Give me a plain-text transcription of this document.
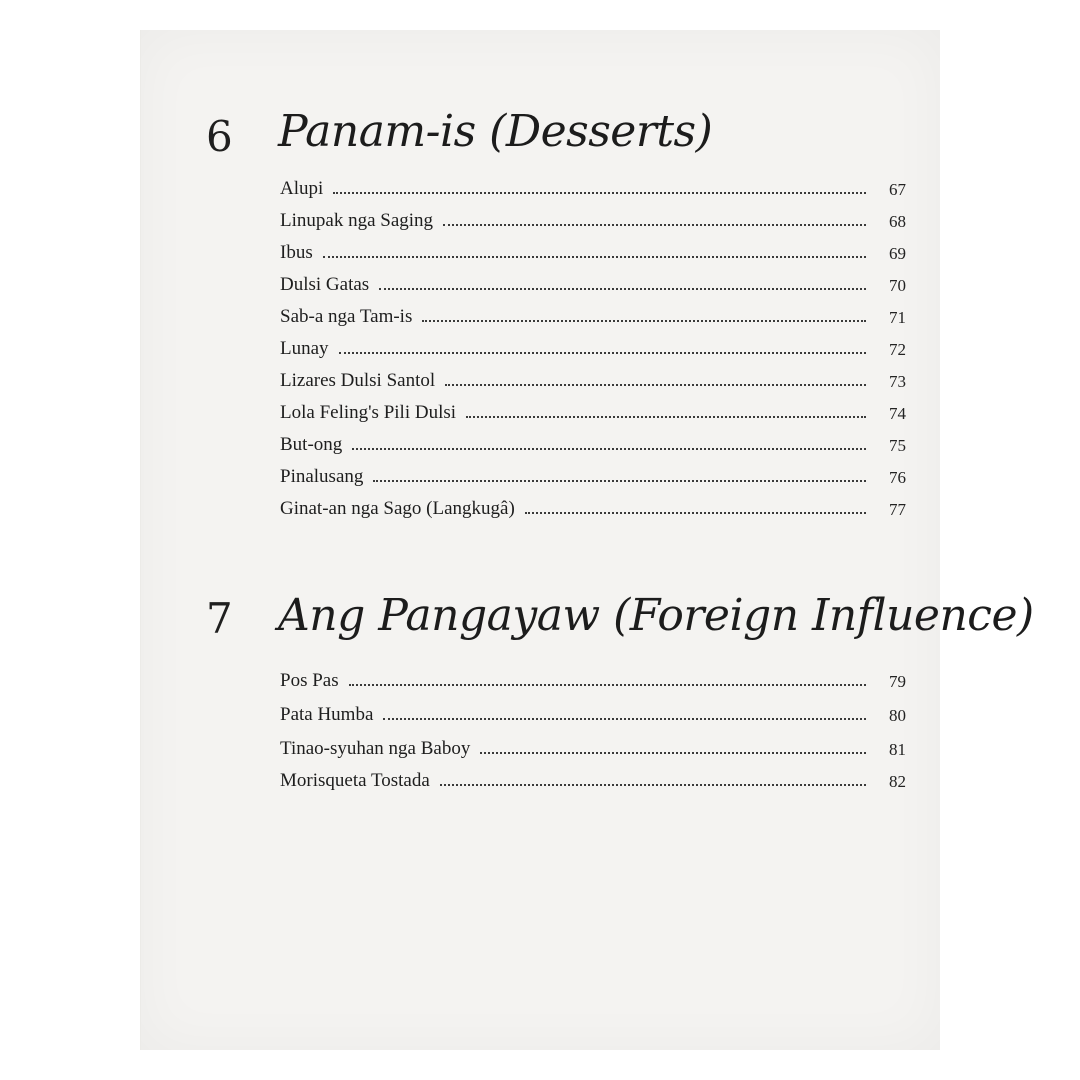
6 Panam-is (Desserts)
Alupi	67
Linupak nga Saging	68
Ibus	69
Dulsi Gatas	70
Sab-a nga Tam-is	71
Lunay	72
Lizares Dulsi Santol	73
Lola Feling's Pili Dulsi	74
But-ong	75
Pinalusang	76
Ginat-an nga Sago (Langkugâ)	77
7 Ang Pangayaw (Foreign Influence)
Pos Pas	79
Pata Humba	80
Tinao-syuhan nga Baboy	81
Morisqueta Tostada	82
